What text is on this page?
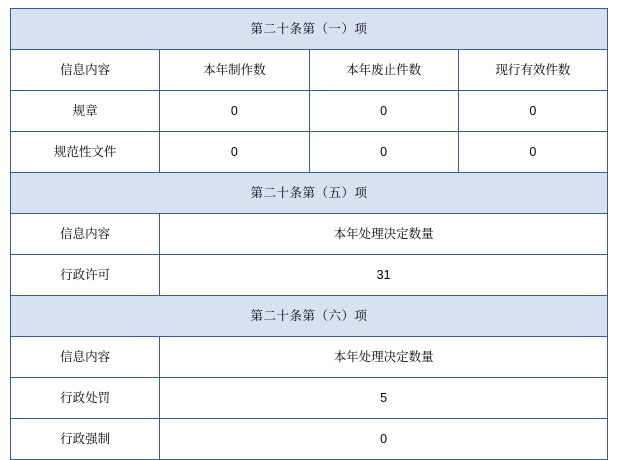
第二十条第（一）项			
信息内容	本年制作数	本年废止件数	现行有效件数
规章	0	0	0
规范性文件	0	0	0
第二十条第（五）项			
信息内容	本年处理决定数量		
行政许可	31		
第二十条第（六）项			
信息内容	本年处理决定数量		
行政处罚	5		
行政强制	0		
